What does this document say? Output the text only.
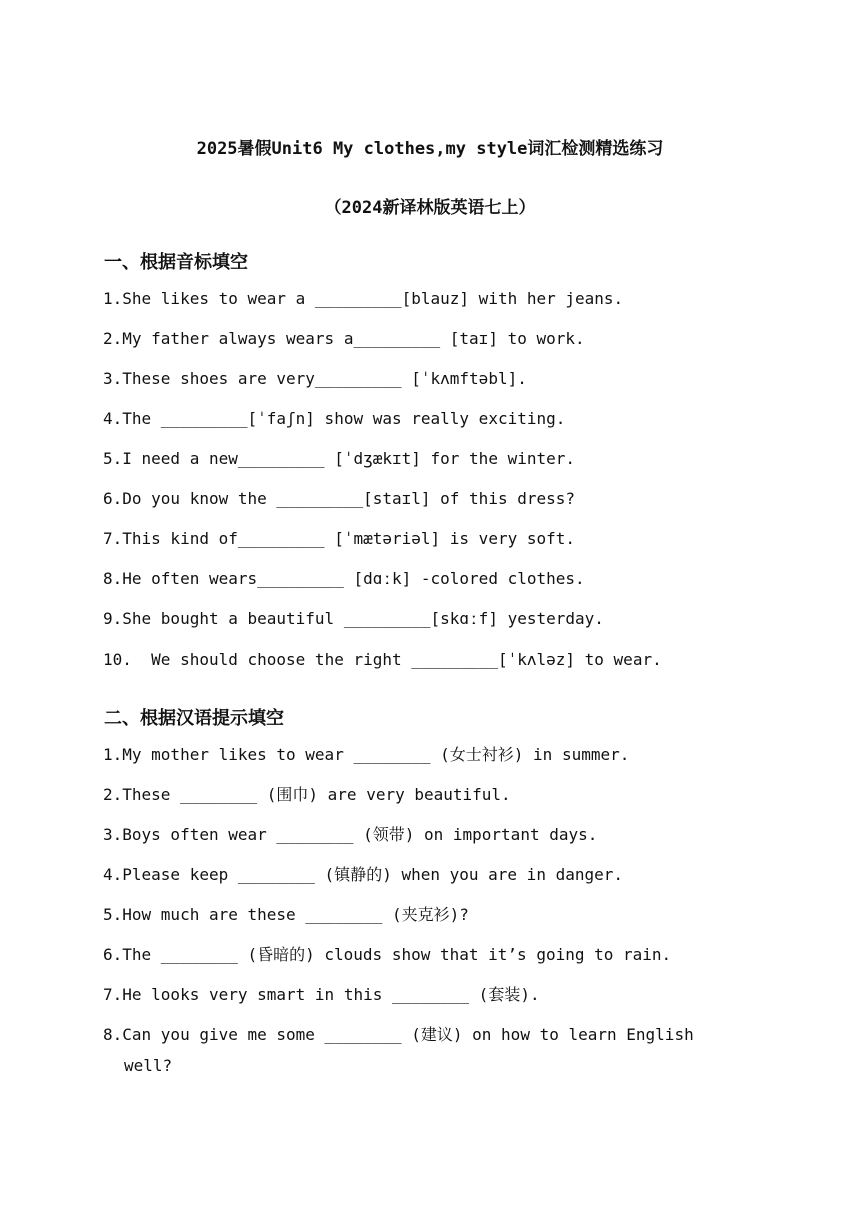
2025暑假Unit6 My clothes,my style词汇检测精选练习
（2024新译林版英语七上）
一、根据音标填空
1.She likes to wear a _________[blauz] with her jeans.
2.My father always wears a_________ [taɪ] to work.
3.These shoes are very_________ [ˈkʌmftəbl].
4.The _________[ˈfaʃn] show was really exciting.
5.I need a new_________ [ˈdʒækɪt] for the winter.
6.Do you know the _________[staɪl] of this dress?
7.This kind of_________ [ˈmætəriəl] is very soft.
8.He often wears_________ [dɑːk] -colored clothes.
9.She bought a beautiful _________[skɑːf] yesterday.
10.  We should choose the right _________[ˈkʌləz] to wear.
二、根据汉语提示填空
1.My mother likes to wear ________ (女士衬衫) in summer.
2.These ________ (围巾) are very beautiful.
3.Boys often wear ________ (领带) on important days.
4.Please keep ________ (镇静的) when you are in danger.
5.How much are these ________ (夹克衫)?
6.The ________ (昏暗的) clouds show that it’s going to rain.
7.He looks very smart in this ________ (套装).
8.Can you give me some ________ (建议) on how to learn English
well?
